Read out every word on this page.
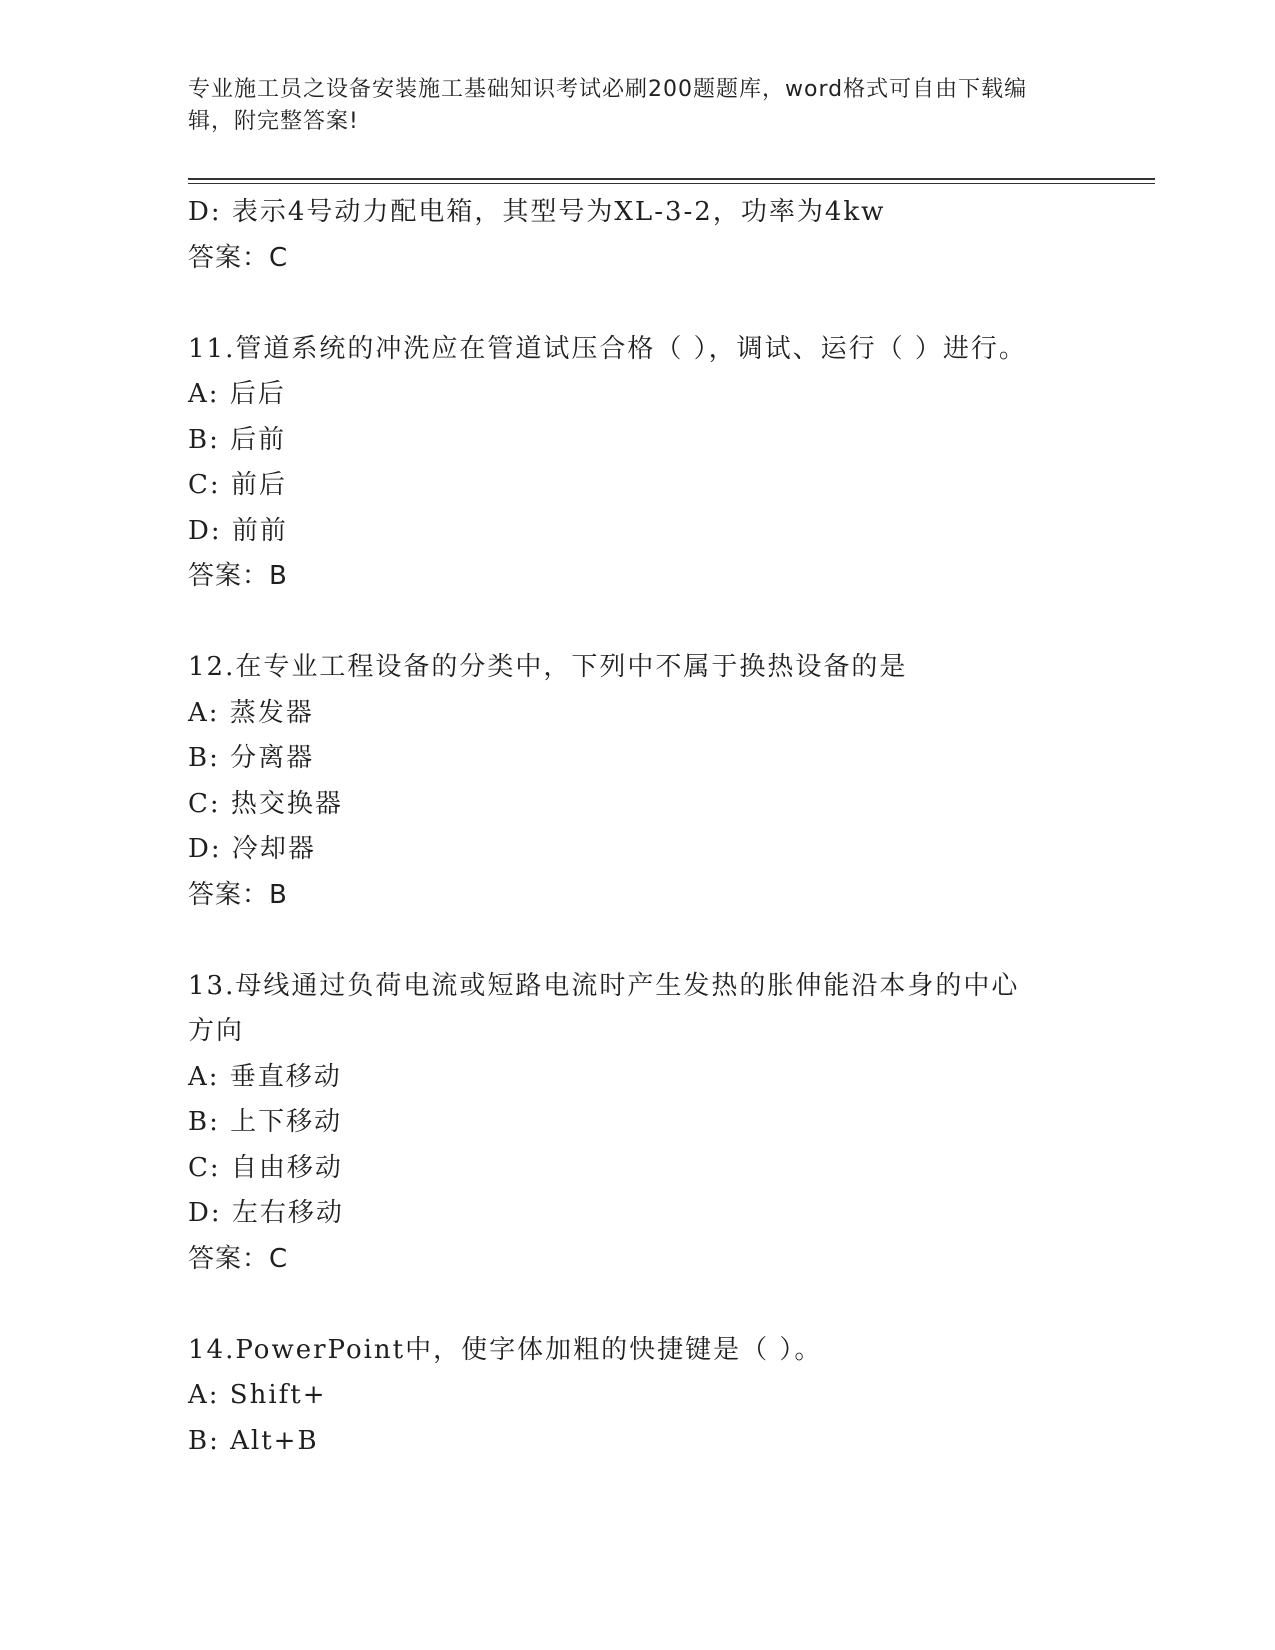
专业施工员之设备安装施工基础知识考试必刷200题题库，word格式可自由下载编辑，附完整答案!
D: 表示4号动力配电箱，其型号为XL-3-2，功率为4kw
答案：C
11.管道系统的冲洗应在管道试压合格（ ），调试、运行（ ）进行。
A: 后后
B: 后前
C: 前后
D: 前前
答案：B
12.在专业工程设备的分类中，下列中不属于换热设备的是
A: 蒸发器
B: 分离器
C: 热交换器
D: 冷却器
答案：B
13.母线通过负荷电流或短路电流时产生发热的胀伸能沿本身的中心方向
A: 垂直移动
B: 上下移动
C: 自由移动
D: 左右移动
答案：C
14.PowerPoint中，使字体加粗的快捷键是（ ）。
A: Shift+
B: Alt+B
